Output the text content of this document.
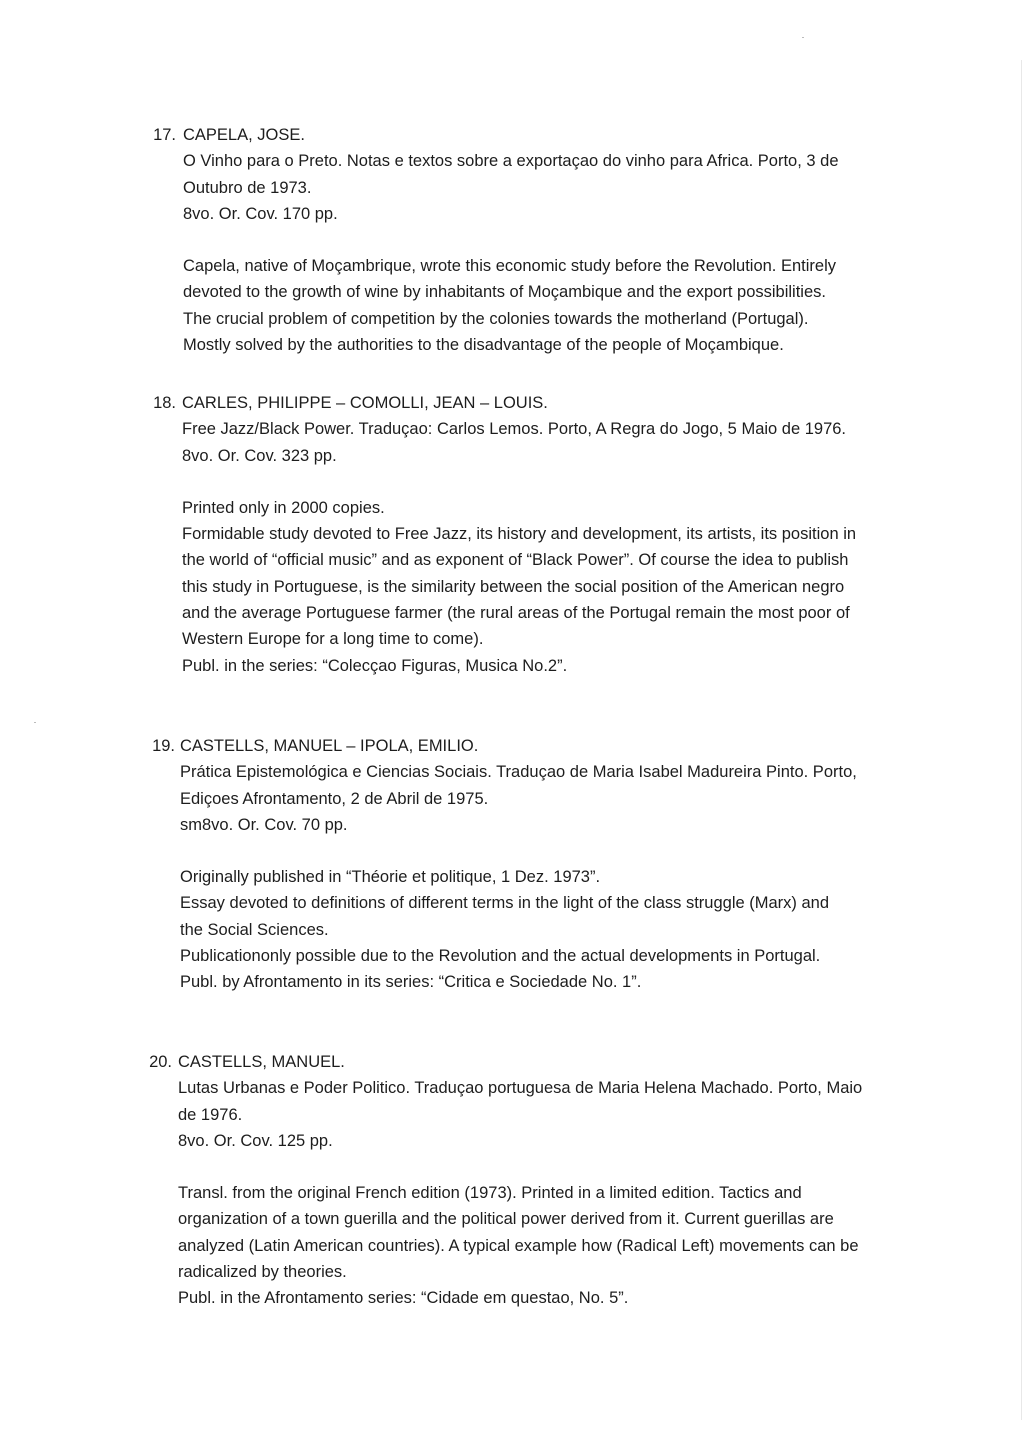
17. CAPELA, JOSE.
O Vinho para o Preto. Notas e textos sobre a exportaçao do vinho para Africa. Porto, 3 de
Outubro de 1973.
8vo. Or. Cov. 170 pp.
Capela, native of Moçambrique, wrote this economic study before the Revolution. Entirely
devoted to the growth of wine by inhabitants of Moçambique and the export possibilities.
The crucial problem of competition by the colonies towards the motherland (Portugal).
Mostly solved by the authorities to the disadvantage of the people of Moçambique.
18. CARLES, PHILIPPE – COMOLLI, JEAN – LOUIS.
Free Jazz/Black Power. Traduçao: Carlos Lemos. Porto, A Regra do Jogo, 5 Maio de 1976.
8vo. Or. Cov. 323 pp.
Printed only in 2000 copies.
Formidable study devoted to Free Jazz, its history and development, its artists, its position in
the world of “official music” and as exponent of “Black Power”. Of course the idea to publish
this study in Portuguese, is the similarity between the social position of the American negro
and the average Portuguese farmer (the rural areas of the Portugal remain the most poor of
Western Europe for a long time to come).
Publ. in the series: “Colecçao Figuras, Musica No.2”.
19. CASTELLS, MANUEL – IPOLA, EMILIO.
Prática Epistemológica e Ciencias Sociais. Traduçao de Maria Isabel Madureira Pinto. Porto,
Ediçoes Afrontamento, 2 de Abril de 1975.
sm8vo. Or. Cov. 70 pp.
Originally published in “Théorie et politique, 1 Dez. 1973”.
Essay devoted to definitions of different terms in the light of the class struggle (Marx) and
the Social Sciences.
Publicationonly possible due to the Revolution and the actual developments in Portugal.
Publ. by Afrontamento in its series: “Critica e Sociedade No. 1”.
20. CASTELLS, MANUEL.
Lutas Urbanas e Poder Politico. Traduçao portuguesa de Maria Helena Machado. Porto, Maio
de 1976.
8vo. Or. Cov. 125 pp.
Transl. from the original French edition (1973). Printed in a limited edition. Tactics and
organization of a town guerilla and the political power derived from it. Current guerillas are
analyzed (Latin American countries). A typical example how (Radical Left) movements can be
radicalized by theories.
Publ. in the Afrontamento series: “Cidade em questao, No. 5”.
